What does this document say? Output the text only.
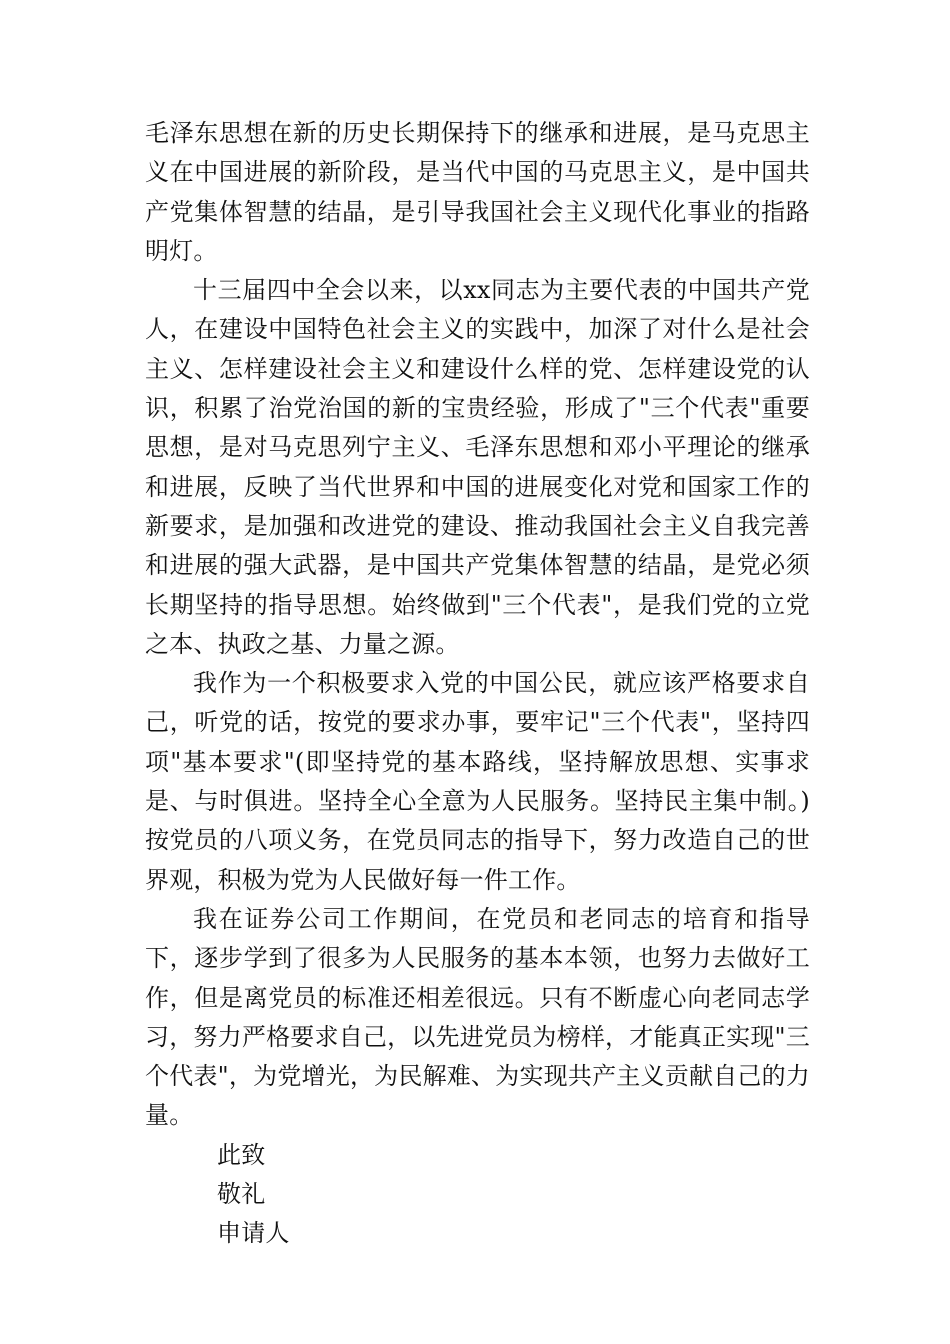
毛泽东思想在新的历史长期保持下的继承和进展，是马克思主义在中国进展的新阶段，是当代中国的马克思主义，是中国共产党集体智慧的结晶，是引导我国社会主义现代化事业的指路明灯。

十三届四中全会以来，以xx同志为主要代表的中国共产党人，在建设中国特色社会主义的实践中，加深了对什么是社会主义、怎样建设社会主义和建设什么样的党、怎样建设党的认识，积累了治党治国的新的宝贵经验，形成了"三个代表"重要思想，是对马克思列宁主义、毛泽东思想和邓小平理论的继承和进展，反映了当代世界和中国的进展变化对党和国家工作的新要求，是加强和改进党的建设、推动我国社会主义自我完善和进展的强大武器，是中国共产党集体智慧的结晶，是党必须长期坚持的指导思想。始终做到"三个代表"，是我们党的立党之本、执政之基、力量之源。

我作为一个积极要求入党的中国公民，就应该严格要求自己，听党的话，按党的要求办事，要牢记"三个代表"，坚持四项"基本要求"(即坚持党的基本路线，坚持解放思想、实事求是、与时俱进。坚持全心全意为人民服务。坚持民主集中制。)按党员的八项义务，在党员同志的指导下，努力改造自己的世界观，积极为党为人民做好每一件工作。

我在证券公司工作期间，在党员和老同志的培育和指导下，逐步学到了很多为人民服务的基本本领，也努力去做好工作，但是离党员的标准还相差很远。只有不断虚心向老同志学习，努力严格要求自己，以先进党员为榜样，才能真正实现"三个代表"，为党增光，为民解难、为实现共产主义贡献自己的力量。

此致

敬礼

申请人
